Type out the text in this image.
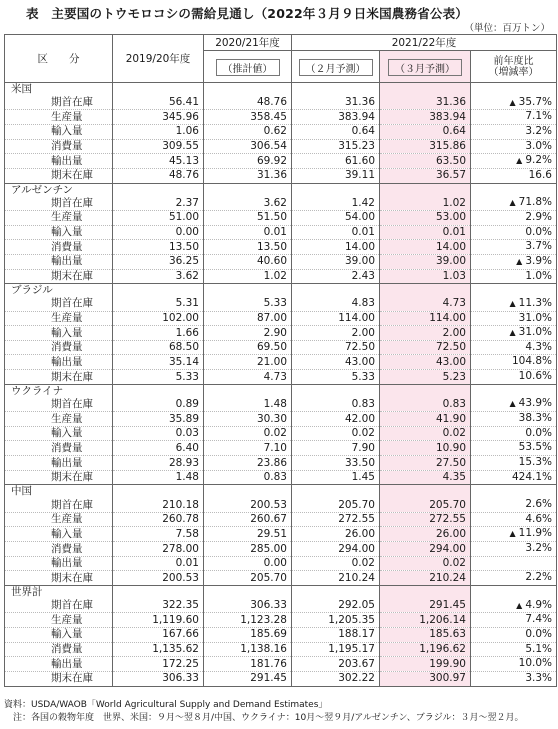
表　主要国のトウモロコシの需給見通し（2022年３月９日米国農務省公表）
（単位：百万トン）
区　　分	2019/20年度	2020/21年度	2021/22年度		
		（推計値）	（２月予測）	（３月予測）	前年度比
（増減率）

米国					
期首在庫	56.41	48.76	31.36	31.36	▲ 35.7%
生産量	345.96	358.45	383.94	383.94	7.1%
輸入量	1.06	0.62	0.64	0.64	3.2%
消費量	309.55	306.54	315.23	315.86	3.0%
輸出量	45.13	69.92	61.60	63.50	▲ 9.2%
期末在庫	48.76	31.36	39.11	36.57	16.6
アルゼンチン					
期首在庫	2.37	3.62	1.42	1.02	▲ 71.8%
生産量	51.00	51.50	54.00	53.00	2.9%
輸入量	0.00	0.01	0.01	0.01	0.0%
消費量	13.50	13.50	14.00	14.00	3.7%
輸出量	36.25	40.60	39.00	39.00	▲ 3.9%
期末在庫	3.62	1.02	2.43	1.03	1.0%
ブラジル					
期首在庫	5.31	5.33	4.83	4.73	▲ 11.3%
生産量	102.00	87.00	114.00	114.00	31.0%
輸入量	1.66	2.90	2.00	2.00	▲ 31.0%
消費量	68.50	69.50	72.50	72.50	4.3%
輸出量	35.14	21.00	43.00	43.00	104.8%
期末在庫	5.33	4.73	5.33	5.23	10.6%
ウクライナ					
期首在庫	0.89	1.48	0.83	0.83	▲ 43.9%
生産量	35.89	30.30	42.00	41.90	38.3%
輸入量	0.03	0.02	0.02	0.02	0.0%
消費量	6.40	7.10	7.90	10.90	53.5%
輸出量	28.93	23.86	33.50	27.50	15.3%
期末在庫	1.48	0.83	1.45	4.35	424.1%
中国					
期首在庫	210.18	200.53	205.70	205.70	2.6%
生産量	260.78	260.67	272.55	272.55	4.6%
輸入量	7.58	29.51	26.00	26.00	▲ 11.9%
消費量	278.00	285.00	294.00	294.00	3.2%
輸出量	0.01	0.00	0.02	0.02	
期末在庫	200.53	205.70	210.24	210.24	2.2%
世界計					
期首在庫	322.35	306.33	292.05	291.45	▲ 4.9%
生産量	1,119.60	1,123.28	1,205.35	1,206.14	7.4%
輸入量	167.66	185.69	188.17	185.63	0.0%
消費量	1,135.62	1,138.16	1,195.17	1,196.62	5.1%
輸出量	172.25	181.76	203.67	199.90	10.0%
期末在庫	306.33	291.45	302.22	300.97	3.3%
資料：USDA/WAOB「World Agricultural Supply and Demand Estimates」
　注：各国の穀物年度　世界、米国：９月～翌８月/中国、ウクライナ：10月～翌９月/アルゼンチン、ブラジル：３月～翌２月。
